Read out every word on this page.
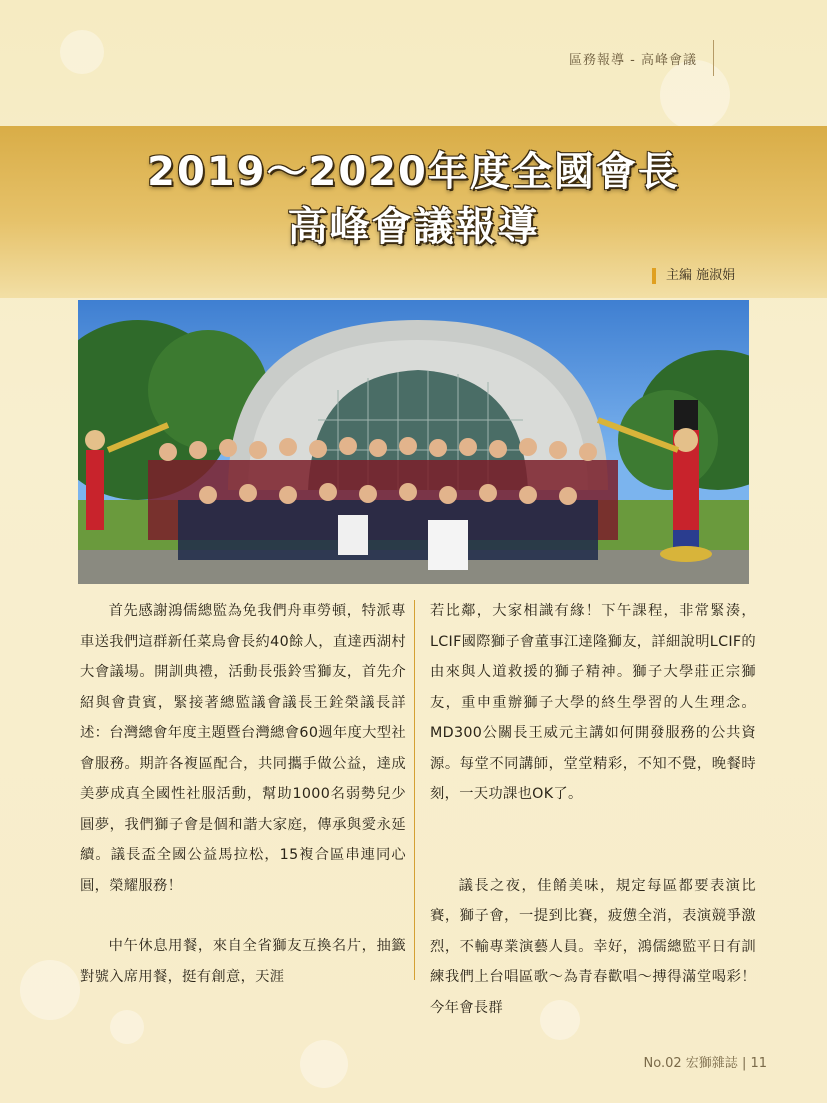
區務報導 - 高峰會議
2019～2020年度全國會長
高峰會議報導
主編 施淑娟

首先感謝鴻儒總監為免我們舟車勞頓，特派專車送我們這群新任菜鳥會長約40餘人，直達西湖村大會議場。開訓典禮，活動長張鈴雪獅友，首先介紹與會貴賓，緊接著總監議會議長王銓榮議長詳述：台灣總會年度主題暨台灣總會60週年度大型社會服務。期許各複區配合，共同攜手做公益，達成美夢成真全國性社服活動，幫助1000名弱勢兒少圓夢，我們獅子會是個和諧大家庭，傳承與愛永延續。議長盃全國公益馬拉松，15複合區串連同心圓，榮耀服務！

中午休息用餐，來自全省獅友互換名片，抽籤對號入席用餐，挺有創意，天涯

若比鄰，大家相識有緣！下午課程，非常緊湊，LCIF國際獅子會董事江達隆獅友，詳細說明LCIF的由來與人道救援的獅子精神。獅子大學莊正宗獅友，重申重辦獅子大學的終生學習的人生理念。MD300公關長王威元主講如何開發服務的公共資源。每堂不同講師，堂堂精彩，不知不覺，晚餐時刻，一天功課也OK了。

議長之夜，佳餚美味，規定每區都要表演比賽，獅子會，一提到比賽，疲憊全消，表演競爭激烈，不輸專業演藝人員。幸好，鴻儒總監平日有訓練我們上台唱區歌～為青春歡唱～搏得滿堂喝彩！今年會長群

No.02 宏獅雜誌 | 11
